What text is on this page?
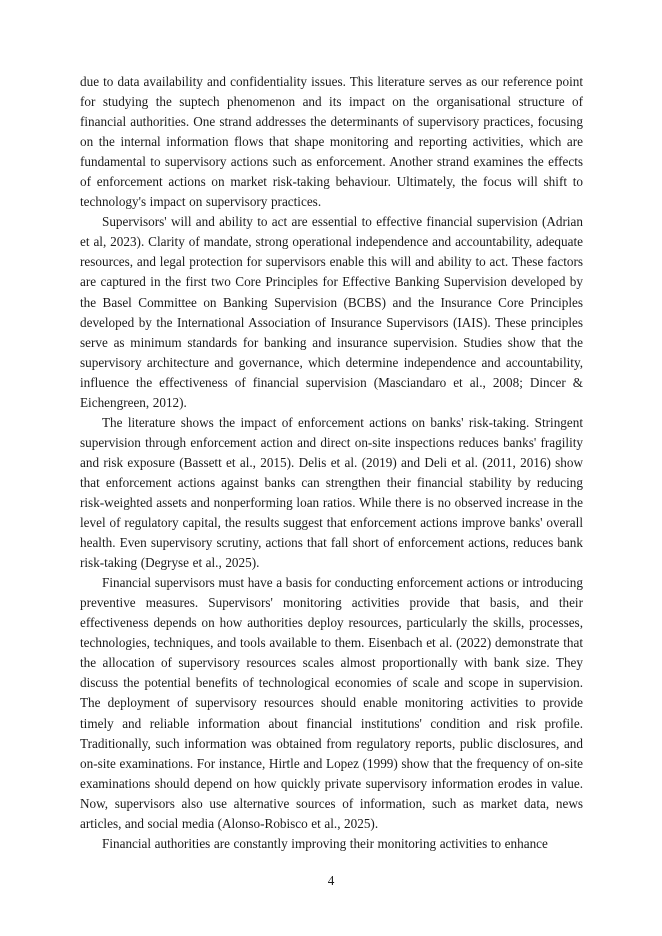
due to data availability and confidentiality issues. This literature serves as our reference point for studying the suptech phenomenon and its impact on the organisational structure of financial authorities. One strand addresses the determinants of supervisory practices, focusing on the internal information flows that shape monitoring and reporting activities, which are fundamental to supervisory actions such as enforcement. Another strand examines the effects of enforcement actions on market risk-taking behaviour. Ultimately, the focus will shift to technology's impact on supervisory practices.

Supervisors' will and ability to act are essential to effective financial supervision (Adrian et al, 2023). Clarity of mandate, strong operational independence and accountability, adequate resources, and legal protection for supervisors enable this will and ability to act. These factors are captured in the first two Core Principles for Effective Banking Supervision developed by the Basel Committee on Banking Supervision (BCBS) and the Insurance Core Principles developed by the International Association of Insurance Supervisors (IAIS). These principles serve as minimum standards for banking and insurance supervision. Studies show that the supervisory architecture and governance, which determine independence and accountability, influence the effectiveness of financial supervision (Masciandaro et al., 2008; Dincer & Eichengreen, 2012).

The literature shows the impact of enforcement actions on banks' risk-taking. Stringent supervision through enforcement action and direct on-site inspections reduces banks' fragility and risk exposure (Bassett et al., 2015). Delis et al. (2019) and Deli et al. (2011, 2016) show that enforcement actions against banks can strengthen their financial stability by reducing risk-weighted assets and nonperforming loan ratios. While there is no observed increase in the level of regulatory capital, the results suggest that enforcement actions improve banks' overall health. Even supervisory scrutiny, actions that fall short of enforcement actions, reduces bank risk-taking (Degryse et al., 2025).

Financial supervisors must have a basis for conducting enforcement actions or introducing preventive measures. Supervisors' monitoring activities provide that basis, and their effectiveness depends on how authorities deploy resources, particularly the skills, processes, technologies, techniques, and tools available to them. Eisenbach et al. (2022) demonstrate that the allocation of supervisory resources scales almost proportionally with bank size. They discuss the potential benefits of technological economies of scale and scope in supervision. The deployment of supervisory resources should enable monitoring activities to provide timely and reliable information about financial institutions' condition and risk profile. Traditionally, such information was obtained from regulatory reports, public disclosures, and on-site examinations. For instance, Hirtle and Lopez (1999) show that the frequency of on-site examinations should depend on how quickly private supervisory information erodes in value. Now, supervisors also use alternative sources of information, such as market data, news articles, and social media (Alonso-Robisco et al., 2025).

Financial authorities are constantly improving their monitoring activities to enhance

4
